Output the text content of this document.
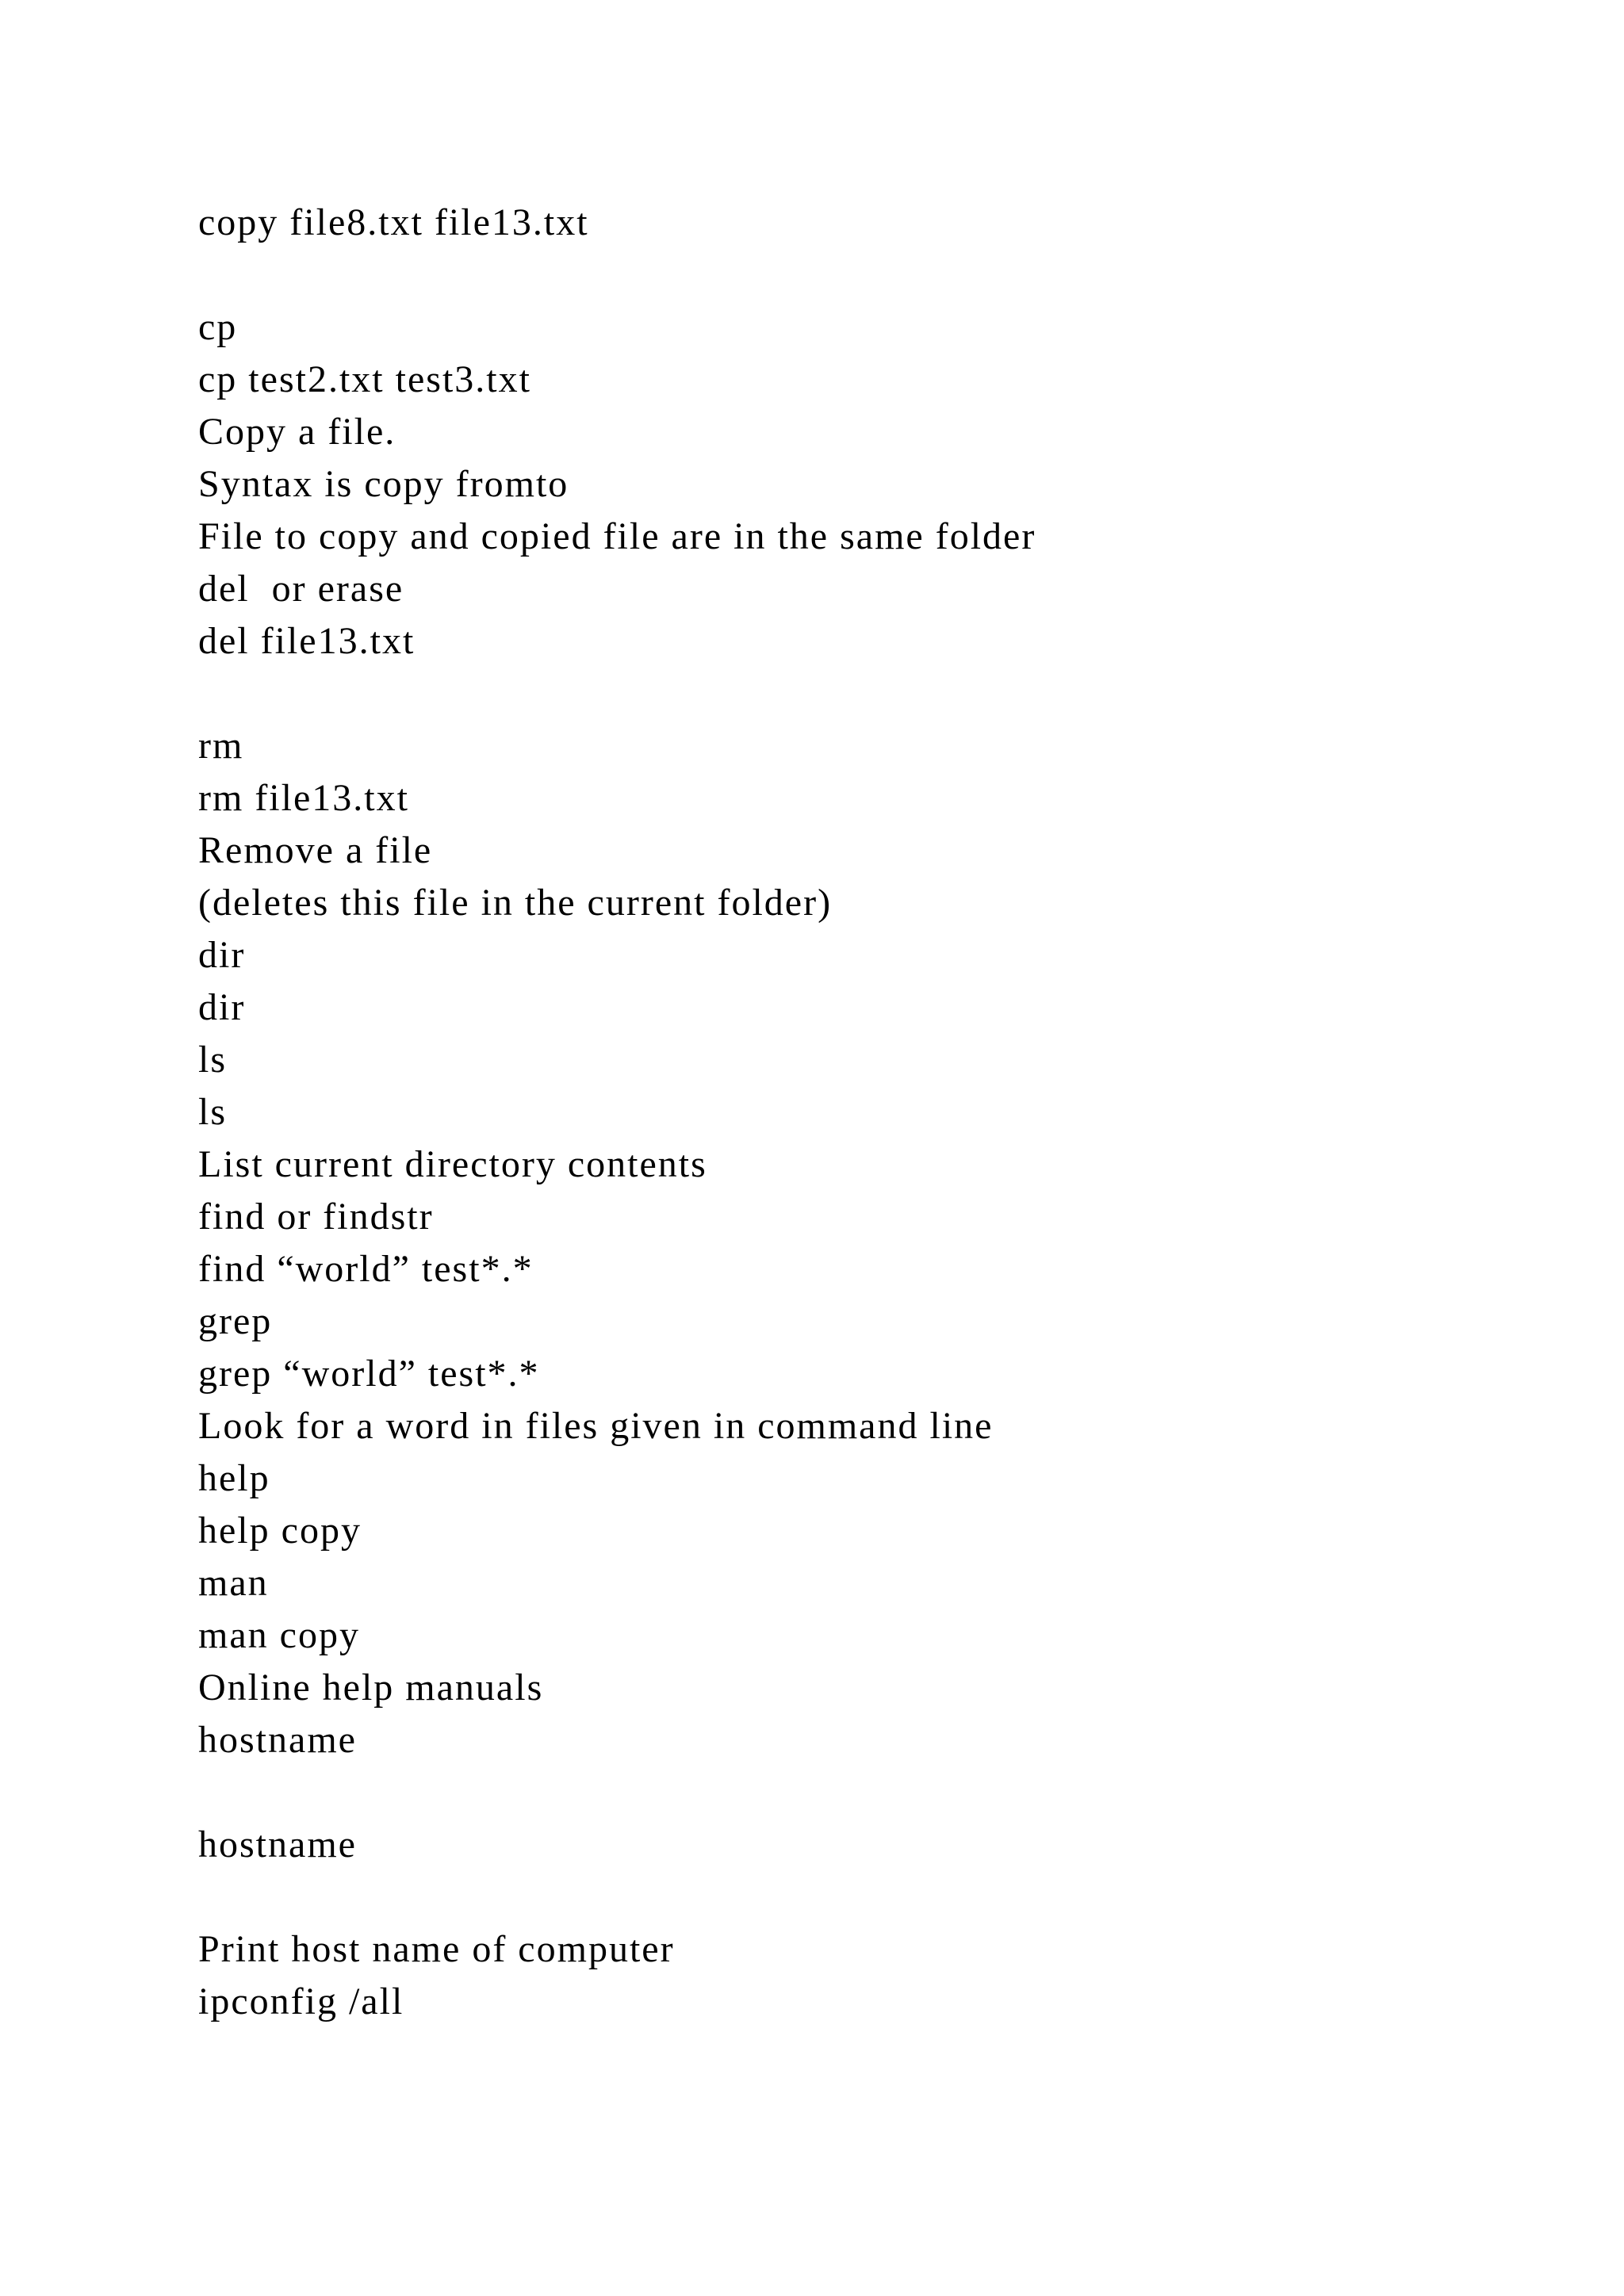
copy file8.txt file13.txt
cp
cp test2.txt test3.txt
Copy a file.
Syntax is copy fromto
File to copy and copied file are in the same folder
del  or erase
del file13.txt
rm
rm file13.txt
Remove a file
(deletes this file in the current folder)
dir
dir
ls
ls
List current directory contents
find or findstr
find “world” test*.*
grep
grep “world” test*.*
Look for a word in files given in command line
help
help copy
man
man copy
Online help manuals
hostname
hostname
Print host name of computer
ipconfig /all
